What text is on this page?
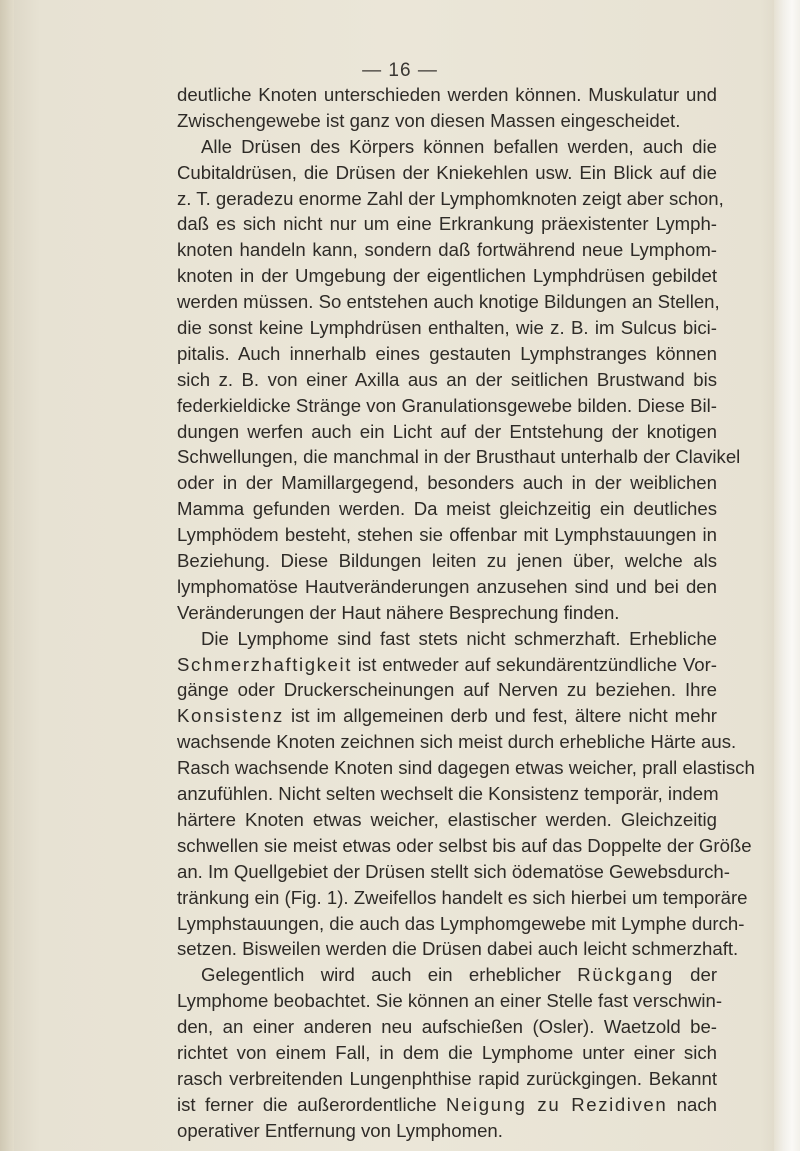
— 16 —
deutliche Knoten unterschieden werden können. Muskulatur und
Zwischengewebe ist ganz von diesen Massen eingescheidet.
Alle Drüsen des Körpers können befallen werden, auch die
Cubitaldrüsen, die Drüsen der Kniekehlen usw. Ein Blick auf die
z. T. geradezu enorme Zahl der Lymphomknoten zeigt aber schon,
daß es sich nicht nur um eine Erkrankung präexistenter Lymph-
knoten handeln kann, sondern daß fortwährend neue Lymphom-
knoten in der Umgebung der eigentlichen Lymphdrüsen gebildet
werden müssen. So entstehen auch knotige Bildungen an Stellen,
die sonst keine Lymphdrüsen enthalten, wie z. B. im Sulcus bici-
pitalis. Auch innerhalb eines gestauten Lymphstranges können
sich z. B. von einer Axilla aus an der seitlichen Brustwand bis
federkieldicke Stränge von Granulationsgewebe bilden. Diese Bil-
dungen werfen auch ein Licht auf der Entstehung der knotigen
Schwellungen, die manchmal in der Brusthaut unterhalb der Clavikel
oder in der Mamillargegend, besonders auch in der weiblichen
Mamma gefunden werden. Da meist gleichzeitig ein deutliches
Lymphödem besteht, stehen sie offenbar mit Lymphstauungen in
Beziehung. Diese Bildungen leiten zu jenen über, welche als
lymphomatöse Hautveränderungen anzusehen sind und bei den
Veränderungen der Haut nähere Besprechung finden.
Die Lymphome sind fast stets nicht schmerzhaft. Erhebliche
Schmerzhaftigkeit ist entweder auf sekundärentzündliche Vor-
gänge oder Druckerscheinungen auf Nerven zu beziehen. Ihre
Konsistenz ist im allgemeinen derb und fest, ältere nicht mehr
wachsende Knoten zeichnen sich meist durch erhebliche Härte aus.
Rasch wachsende Knoten sind dagegen etwas weicher, prall elastisch
anzufühlen. Nicht selten wechselt die Konsistenz temporär, indem
härtere Knoten etwas weicher, elastischer werden. Gleichzeitig
schwellen sie meist etwas oder selbst bis auf das Doppelte der Größe
an. Im Quellgebiet der Drüsen stellt sich ödematöse Gewebsdurch-
tränkung ein (Fig. 1). Zweifellos handelt es sich hierbei um temporäre
Lymphstauungen, die auch das Lymphomgewebe mit Lymphe durch-
setzen. Bisweilen werden die Drüsen dabei auch leicht schmerzhaft.
Gelegentlich wird auch ein erheblicher Rückgang der
Lymphome beobachtet. Sie können an einer Stelle fast verschwin-
den, an einer anderen neu aufschießen (Osler). Waetzold be-
richtet von einem Fall, in dem die Lymphome unter einer sich
rasch verbreitenden Lungenphthise rapid zurückgingen. Bekannt
ist ferner die außerordentliche Neigung zu Rezidiven nach
operativer Entfernung von Lymphomen.
